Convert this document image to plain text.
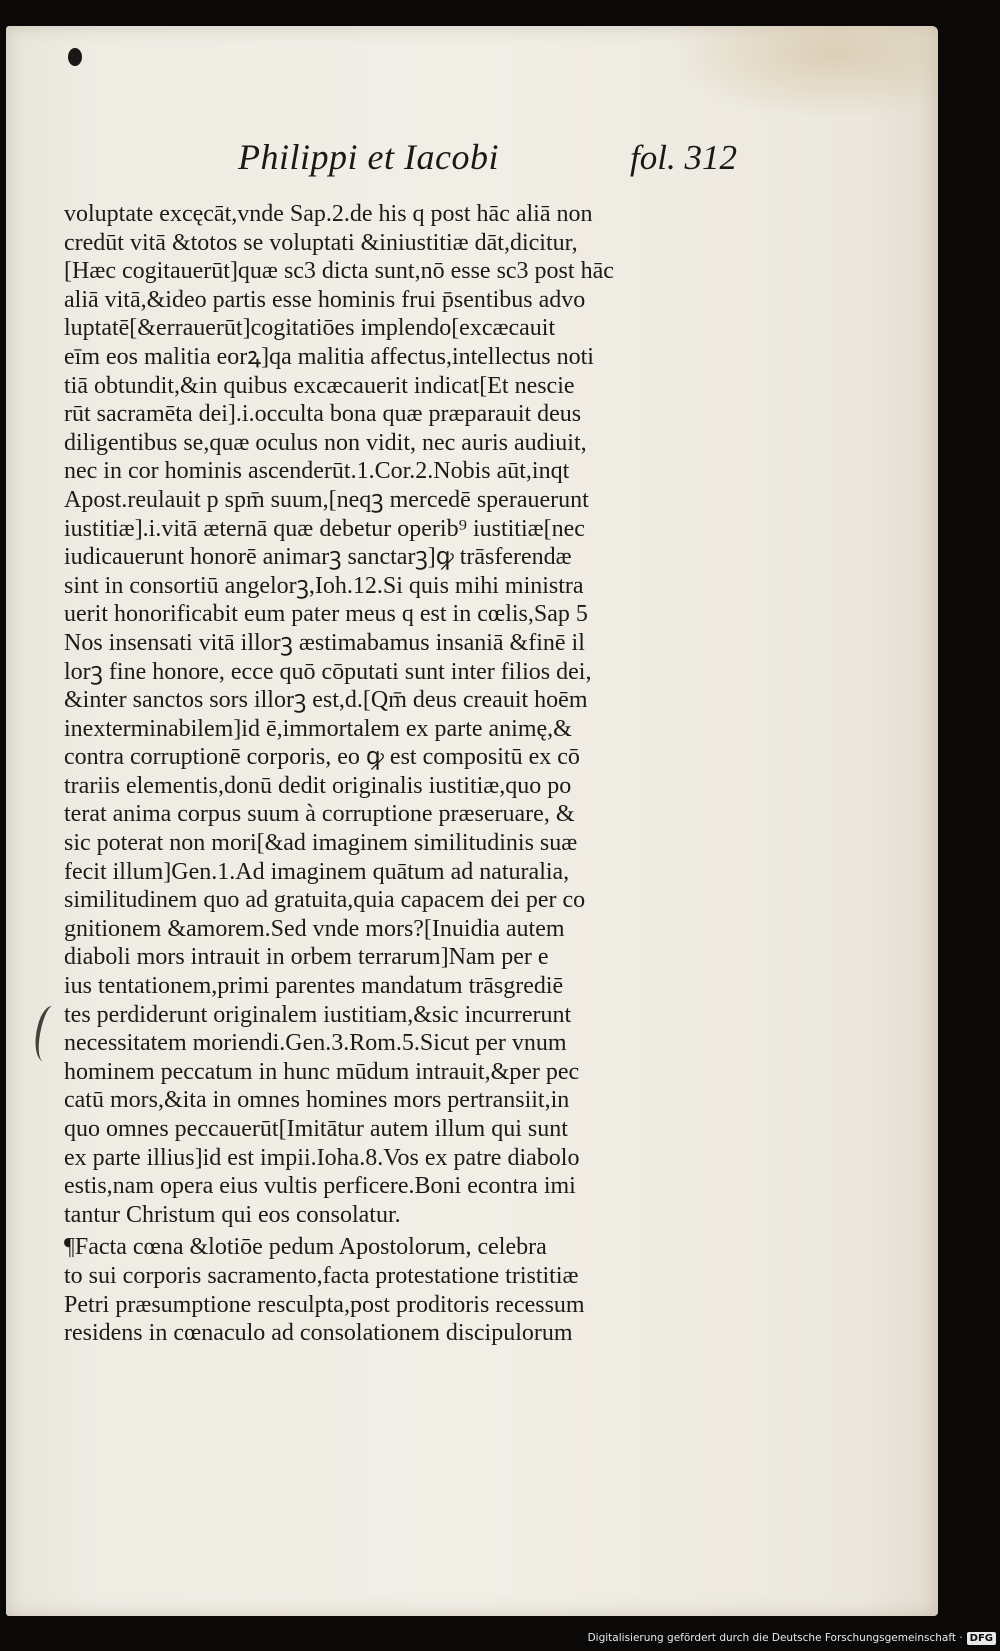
Philippi et Iacobi	fol. 312
voluptate excęcāt,vnde Sap.2.de his q post hāc aliā non
credūt vitā &totos se voluptati &iniustitiæ dāt,dicitur,
[Hæc cogitauerūt]quæ sc3 dicta sunt,nō esse sc3 post hāc
aliā vitā,&ideo partis esse hominis frui p̄sentibus advo
luptatē[&errauerūt]cogitatiōes implendo[excæcauit
eīm eos malitia eorꝝ]qa malitia affectus,intellectus noti
tiā obtundit,&in quibus excæcauerit indicat[Et nescie
rūt sacramēta dei].i.occulta bona quæ præparauit deus
diligentibus se,quæ oculus non vidit, nec auris audiuit,
nec in cor hominis ascenderūt.1.Cor.2.Nobis aūt,inqt
Apost.reulauit p spm̄ suum,[neqꝫ mercedē sperauerunt
iustitiæ].i.vitā æternā quæ debetur operib⁹ iustitiæ[nec
iudicauerunt honorē animarꝫ sanctarꝫ]ꝙ trāsferendæ
sint in consortiū angelorꝫ,Ioh.12.Si quis mihi ministra
uerit honorificabit eum pater meus q est in cœlis,Sap 5
Nos insensati vitā illorꝫ æstimabamus insaniā &finē il
lorꝫ fine honore, ecce quō cōputati sunt inter filios dei,
&inter sanctos sors illorꝫ est,d.[Qm̄ deus creauit hoēm
inexterminabilem]id ē,immortalem ex parte animę,&
contra corruptionē corporis, eo ꝙ est compositū ex cō
trariis elementis,donū dedit originalis iustitiæ,quo po
terat anima corpus suum à corruptione præseruare, &
sic poterat non mori[&ad imaginem similitudinis suæ
fecit illum]Gen.1.Ad imaginem quātum ad naturalia,
similitudinem quo ad gratuita,quia capacem dei per co
gnitionem &amorem.Sed vnde mors?[Inuidia autem
diaboli mors intrauit in orbem terrarum]Nam per e
ius tentationem,primi parentes mandatum trāsgrediē
tes perdiderunt originalem iustitiam,&sic incurrerunt
necessitatem moriendi.Gen.3.Rom.5.Sicut per vnum
hominem peccatum in hunc mūdum intrauit,&per pec
catū mors,&ita in omnes homines mors pertransiit,in
quo omnes peccauerūt[Imitātur autem illum qui sunt
ex parte illius]id est impii.Ioha.8.Vos ex patre diabolo
estis,nam opera eius vultis perficere.Boni econtra imi
tantur Christum qui eos consolatur.
¶Facta cœna &lotiōe pedum Apostolorum, celebra
to sui corporis sacramento,facta protestatione tristitiæ
Petri præsumptione resculpta,post proditoris recessum
residens in cœnaculo ad consolationem discipulorum
Digitalisierung gefördert durch die Deutsche Forschungsgemeinschaft · DFG
